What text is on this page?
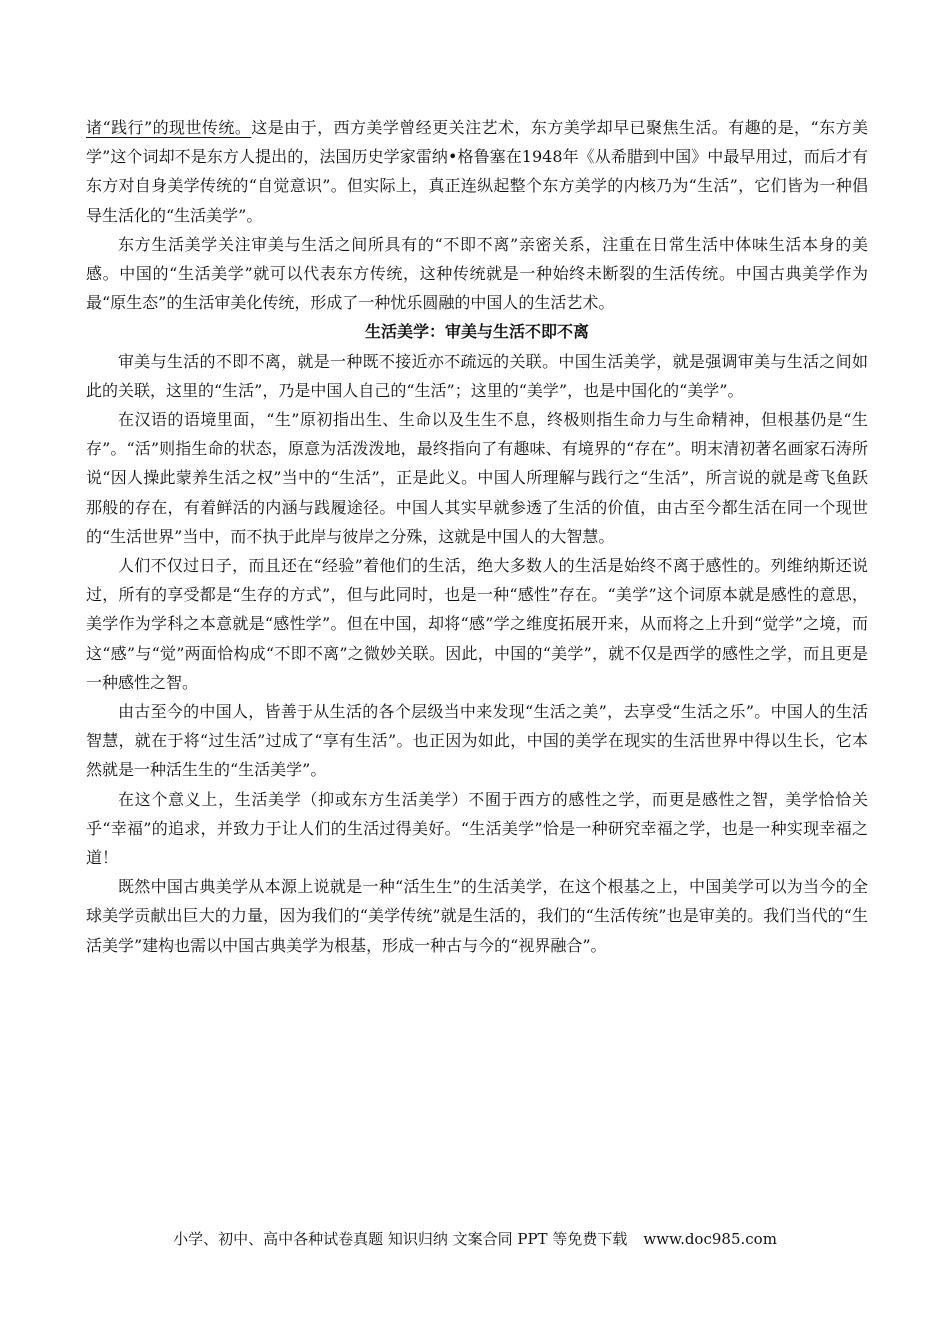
诸“践行”的现世传统。这是由于，西方美学曾经更关注艺术，东方美学却早已聚焦生活。有趣的是，“东方美学”这个词却不是东方人提出的，法国历史学家雷纳•格鲁塞在1948年《从希腊到中国》中最早用过，而后才有东方对自身美学传统的“自觉意识”。但实际上，真正连纵起整个东方美学的内核乃为“生活”，它们皆为一种倡导生活化的“生活美学”。

东方生活美学关注审美与生活之间所具有的“不即不离”亲密关系，注重在日常生活中体味生活本身的美感。中国的“生活美学”就可以代表东方传统，这种传统就是一种始终未断裂的生活传统。中国古典美学作为最“原生态”的生活审美化传统，形成了一种忧乐圆融的中国人的生活艺术。

生活美学：审美与生活不即不离

审美与生活的不即不离，就是一种既不接近亦不疏远的关联。中国生活美学，就是强调审美与生活之间如此的关联，这里的“生活”，乃是中国人自己的“生活”；这里的“美学”，也是中国化的“美学”。

在汉语的语境里面，“生”原初指出生、生命以及生生不息，终极则指生命力与生命精神，但根基仍是“生存”。“活”则指生命的状态，原意为活泼泼地，最终指向了有趣味、有境界的“存在”。明末清初著名画家石涛所说“因人操此蒙养生活之权”当中的“生活”，正是此义。中国人所理解与践行之“生活”，所言说的就是鸢飞鱼跃那般的存在，有着鲜活的内涵与践履途径。中国人其实早就参透了生活的价值，由古至今都生活在同一个现世的“生活世界”当中，而不执于此岸与彼岸之分殊，这就是中国人的大智慧。

人们不仅过日子，而且还在“经验”着他们的生活，绝大多数人的生活是始终不离于感性的。列维纳斯还说过，所有的享受都是“生存的方式”，但与此同时，也是一种“感性”存在。“美学”这个词原本就是感性的意思，美学作为学科之本意就是“感性学”。但在中国，却将“感”学之维度拓展开来，从而将之上升到“觉学”之境，而这“感”与“觉”两面恰构成“不即不离”之微妙关联。因此，中国的“美学”，就不仅是西学的感性之学，而且更是一种感性之智。

由古至今的中国人，皆善于从生活的各个层级当中来发现“生活之美”，去享受“生活之乐”。中国人的生活智慧，就在于将“过生活”过成了“享有生活”。也正因为如此，中国的美学在现实的生活世界中得以生长，它本然就是一种活生生的“生活美学”。

在这个意义上，生活美学（抑或东方生活美学）不囿于西方的感性之学，而更是感性之智，美学恰恰关乎“幸福”的追求，并致力于让人们的生活过得美好。“生活美学”恰是一种研究幸福之学，也是一种实现幸福之道！

既然中国古典美学从本源上说就是一种“活生生”的生活美学，在这个根基之上，中国美学可以为当今的全球美学贡献出巨大的力量，因为我们的“美学传统”就是生活的，我们的“生活传统”也是审美的。我们当代的“生活美学”建构也需以中国古典美学为根基，形成一种古与今的“视界融合”。

小学、初中、高中各种试卷真题 知识归纳 文案合同 PPT 等免费下载 www.doc985.com
